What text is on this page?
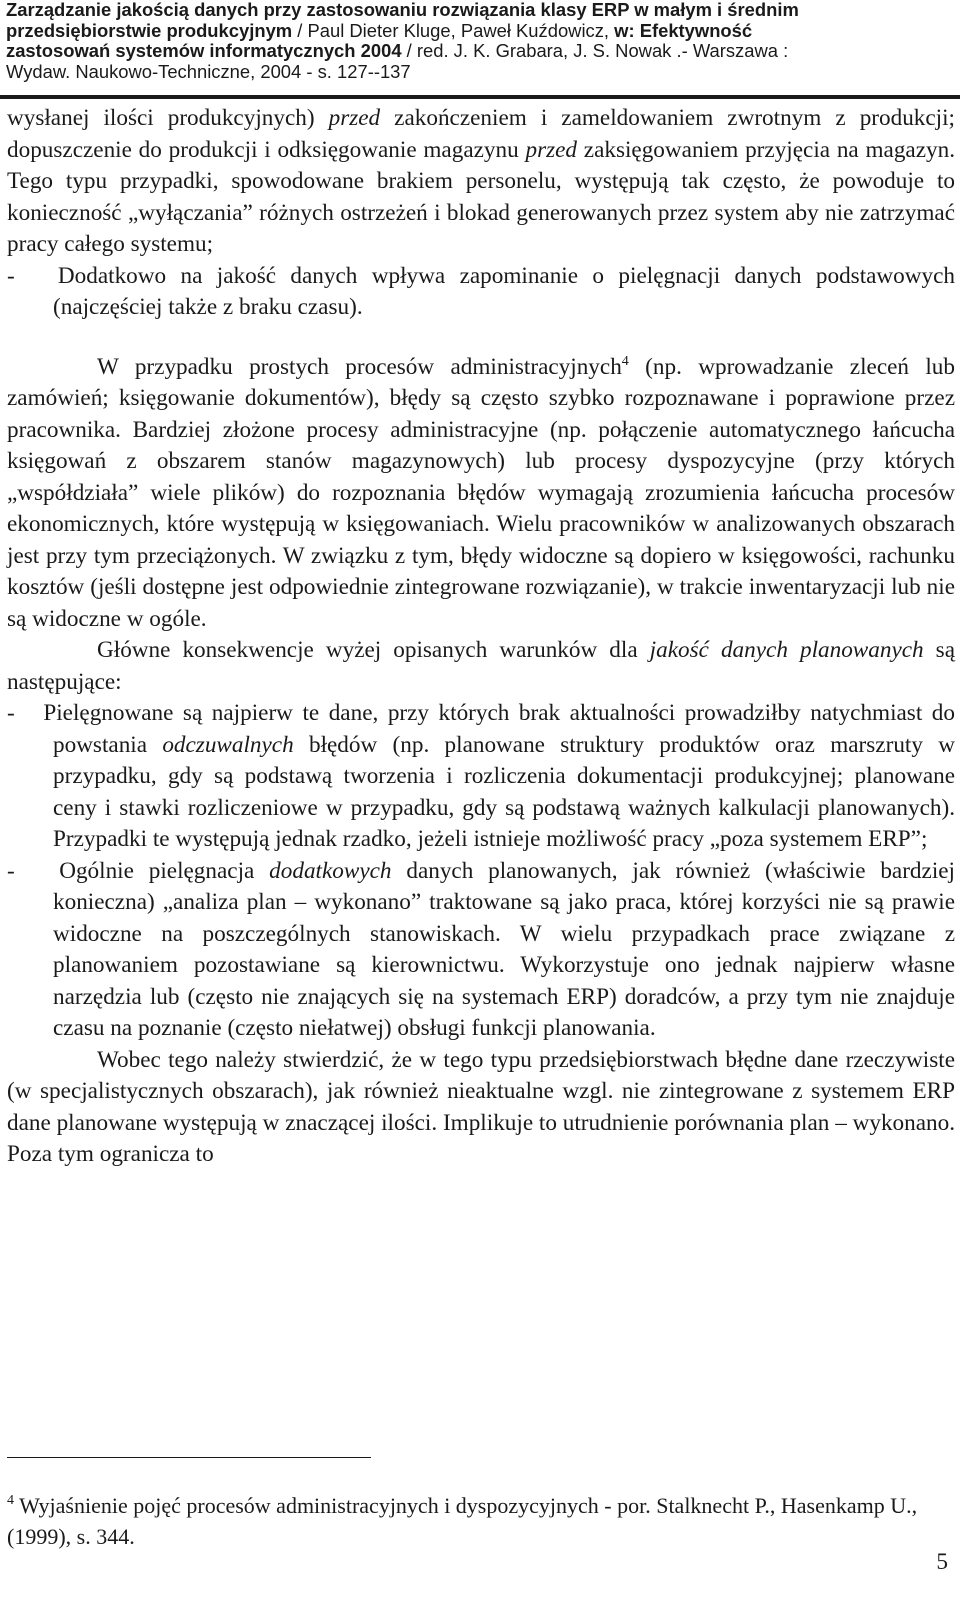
Zarządzanie jakością danych przy zastosowaniu rozwiązania klasy ERP w małym i średnim
przedsiębiorstwie produkcyjnym / Paul Dieter Kluge, Paweł Kuźdowicz, w: Efektywność
zastosowań systemów informatycznych 2004 / red. J. K. Grabara, J. S. Nowak .- Warszawa :
Wydaw. Naukowo-Techniczne, 2004 - s. 127--137

wysłanej ilości produkcyjnych) przed zakończeniem i zameldowaniem zwrotnym z produkcji; dopuszczenie do produkcji i odksięgowanie magazynu przed zaksięgowaniem przyjęcia na magazyn. Tego typu przypadki, spowodowane brakiem personelu, występują tak często, że powoduje to konieczność „wyłączania” różnych ostrzeżeń i blokad generowanych przez system aby nie zatrzymać pracy całego systemu;

-   Dodatkowo na jakość danych wpływa zapominanie o pielęgnacji danych podstawowych (najczęściej także z braku czasu).

W przypadku prostych procesów administracyjnych$^4$ (np. wprowadzanie zleceń lub zamówień; księgowanie dokumentów), błędy są często szybko rozpoznawane i poprawione przez pracownika. Bardziej złożone procesy administracyjne (np. połączenie automatycznego łańcucha księgowań z obszarem stanów magazynowych) lub procesy dyspozycyjne (przy których „współdziała” wiele plików) do rozpoznania błędów wymagają zrozumienia łańcucha procesów ekonomicznych, które występują w księgowaniach. Wielu pracowników w analizowanych obszarach jest przy tym przeciążonych. W związku z tym, błędy widoczne są dopiero w księgowości, rachunku kosztów (jeśli dostępne jest odpowiednie zintegrowane rozwiązanie), w trakcie inwentaryzacji lub nie są widoczne w ogóle.

Główne konsekwencje wyżej opisanych warunków dla jakość danych planowanych są następujące:

-   Pielęgnowane są najpierw te dane, przy których brak aktualności prowadziłby natychmiast do powstania odczuwalnych błędów (np. planowane struktury produktów oraz marszruty w przypadku, gdy są podstawą tworzenia i rozliczenia dokumentacji produkcyjnej; planowane ceny i stawki rozliczeniowe w przypadku, gdy są podstawą ważnych kalkulacji planowanych). Przypadki te występują jednak rzadko, jeżeli istnieje możliwość pracy „poza systemem ERP”;

-   Ogólnie pielęgnacja dodatkowych danych planowanych, jak również (właściwie bardziej konieczna) „analiza plan – wykonano” traktowane są jako praca, której korzyści nie są prawie widoczne na poszczególnych stanowiskach. W wielu przypadkach prace związane z planowaniem pozostawiane są kierownictwu. Wykorzystuje ono jednak najpierw własne narzędzia lub (często nie znających się na systemach ERP) doradców, a przy tym nie znajduje czasu na poznanie (często niełatwej) obsługi funkcji planowania.

Wobec tego należy stwierdzić, że w tego typu przedsiębiorstwach błędne dane rzeczywiste (w specjalistycznych obszarach), jak również nieaktualne wzgl. nie zintegrowane z systemem ERP dane planowane występują w znaczącej ilości. Implikuje to utrudnienie porównania plan – wykonano. Poza tym ogranicza to

$^4$ Wyjaśnienie pojęć procesów administracyjnych i dyspozycyjnych - por. Stalknecht P., Hasenkamp U., (1999), s. 344.

5
